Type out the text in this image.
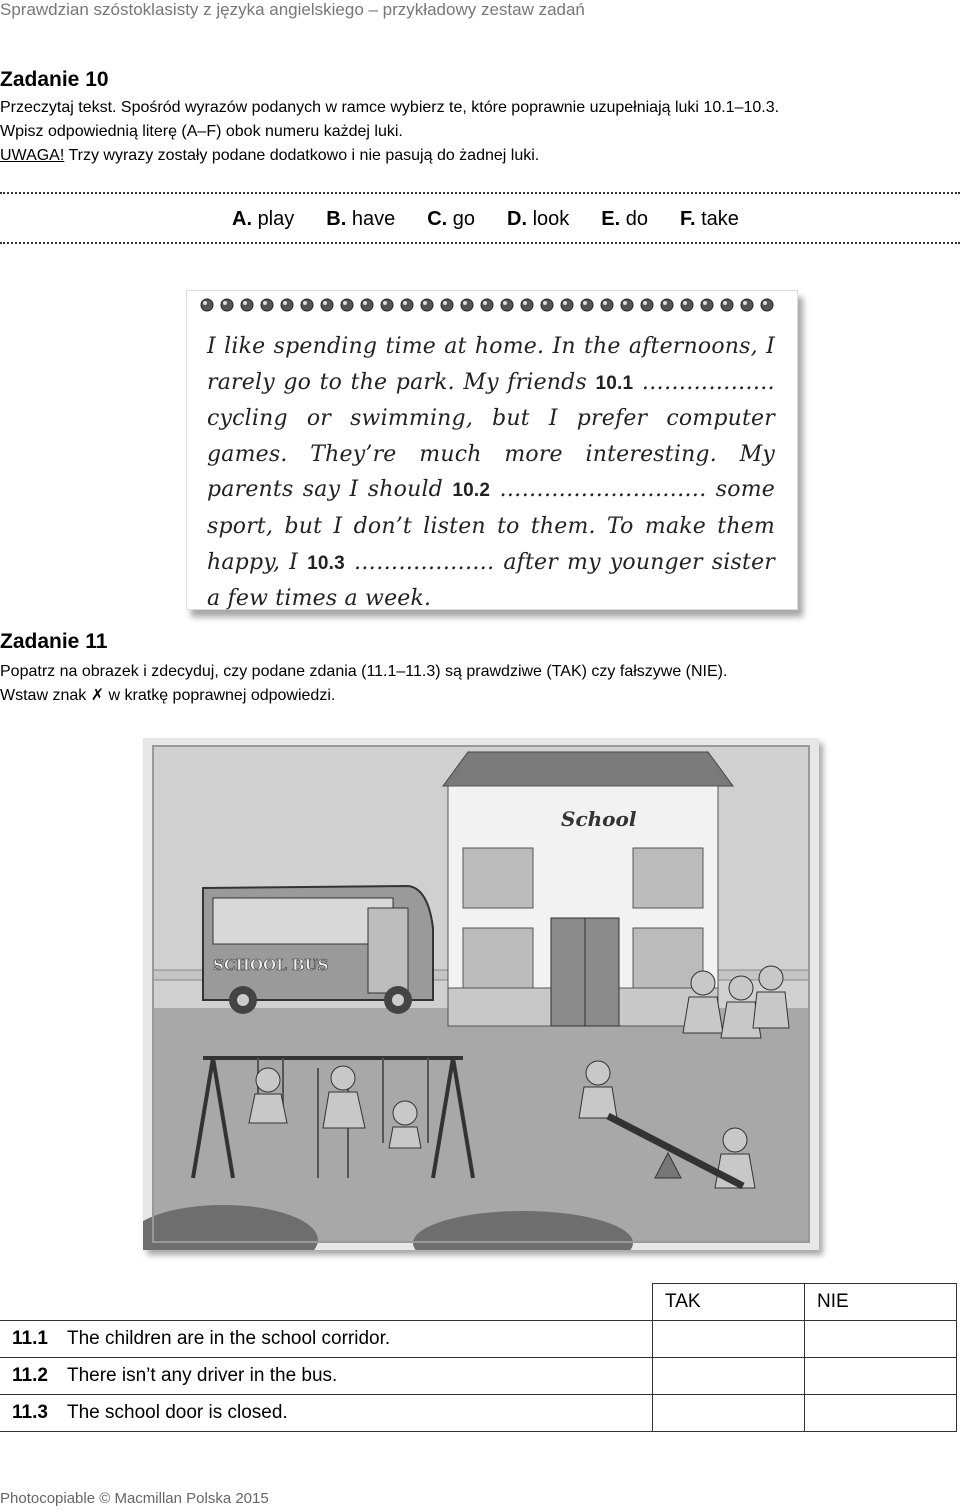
Sprawdzian szóstoklasisty z języka angielskiego – przykładowy zestaw zadań
Zadanie 10
Przeczytaj tekst. Spośród wyrazów podanych w ramce wybierz te, które poprawnie uzupełniają luki 10.1–10.3.
Wpisz odpowiednią literę (A–F) obok numeru każdej luki.
UWAGA! Trzy wyrazy zostały podane dodatkowo i nie pasują do żadnej luki.
A. play B. have C. go D. look E. do F. take
I like spending time at home. In the afternoons, I rarely go to the park. My friends 10.1 ……………… cycling or swimming, but I prefer computer games. They’re much more interesting. My parents say I should 10.2 ………………………. some sport, but I don’t listen to them. To make them happy, I 10.3 ………………. after my younger sister a few times a week.
Zadanie 11
Popatrz na obrazek i zdecyduj, czy podane zdania (11.1–11.3) są prawdziwe (TAK) czy fałszywe (NIE).
Wstaw znak ✗ w kratkę poprawnej odpowiedzi.
School
SCHOOL BUS
		TAK	NIE
11.1	The children are in the school corridor.		
11.2	There isn’t any driver in the bus.		
11.3	The school door is closed.		
Photocopiable © Macmillan Polska 2015
